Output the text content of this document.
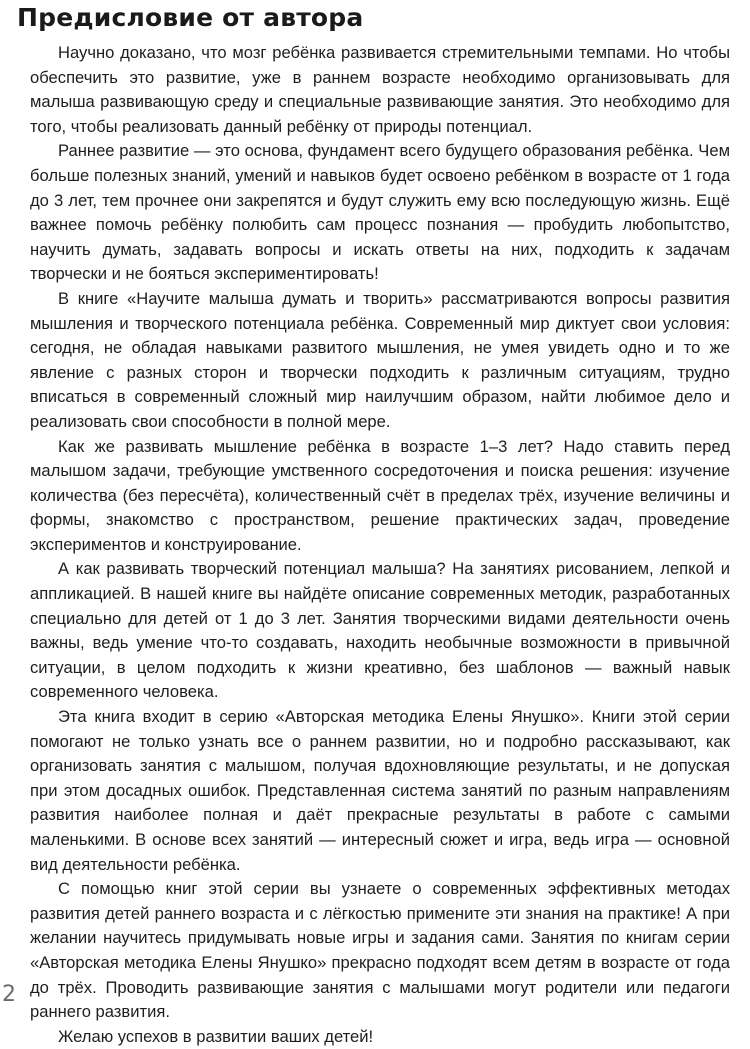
Предисловие от автора

Научно доказано, что мозг ребёнка развивается стремительными темпами. Но чтобы обеспечить это развитие, уже в раннем возрасте необходимо организовывать для малыша развивающую среду и специальные развивающие занятия. Это необходимо для того, чтобы реализовать данный ребёнку от природы потенциал.

Раннее развитие — это основа, фундамент всего будущего образования ребёнка. Чем больше полезных знаний, умений и навыков будет освоено ребёнком в возрасте от 1 года до 3 лет, тем прочнее они закрепятся и будут служить ему всю последующую жизнь. Ещё важнее помочь ребёнку полюбить сам процесс познания — пробудить любопытство, научить думать, задавать вопросы и искать ответы на них, подходить к задачам творчески и не бояться экспериментировать!

В книге «Научите малыша думать и творить» рассматриваются вопросы развития мышления и творческого потенциала ребёнка. Современный мир диктует свои условия: сегодня, не обладая навыками развитого мышления, не умея увидеть одно и то же явление с разных сторон и творчески подходить к различным ситуациям, трудно вписаться в современный сложный мир наилучшим образом, найти любимое дело и реализовать свои способности в полной мере.

Как же развивать мышление ребёнка в возрасте 1–3 лет? Надо ставить перед малышом задачи, требующие умственного сосредоточения и поиска решения: изучение количества (без пересчёта), количественный счёт в пределах трёх, изучение величины и формы, знакомство с пространством, решение практических задач, проведение экспериментов и конструирование.

А как развивать творческий потенциал малыша? На занятиях рисованием, лепкой и аппликацией. В нашей книге вы найдёте описание современных методик, разработанных специально для детей от 1 до 3 лет. Занятия творческими видами деятельности очень важны, ведь умение что-то создавать, находить необычные возможности в привычной ситуации, в целом подходить к жизни креативно, без шаблонов — важный навык современного человека.

Эта книга входит в серию «Авторская методика Елены Янушко». Книги этой серии помогают не только узнать все о раннем развитии, но и подробно рассказывают, как организовать занятия с малышом, получая вдохновляющие результаты, и не допуская при этом досадных ошибок. Представленная система занятий по разным направлениям развития наиболее полная и даёт прекрасные результаты в работе с самыми маленькими. В основе всех занятий — интересный сюжет и игра, ведь игра — основной вид деятельности ребёнка.

С помощью книг этой серии вы узнаете о современных эффективных методах развития детей раннего возраста и с лёгкостью примените эти знания на практике! А при желании научитесь придумывать новые игры и задания сами. Занятия по книгам серии «Авторская методика Елены Янушко» прекрасно подходят всем детям в возрасте от года до трёх. Проводить развивающие занятия с малышами могут родители или педагоги раннего развития.

Желаю успехов в развитии ваших детей!

2
